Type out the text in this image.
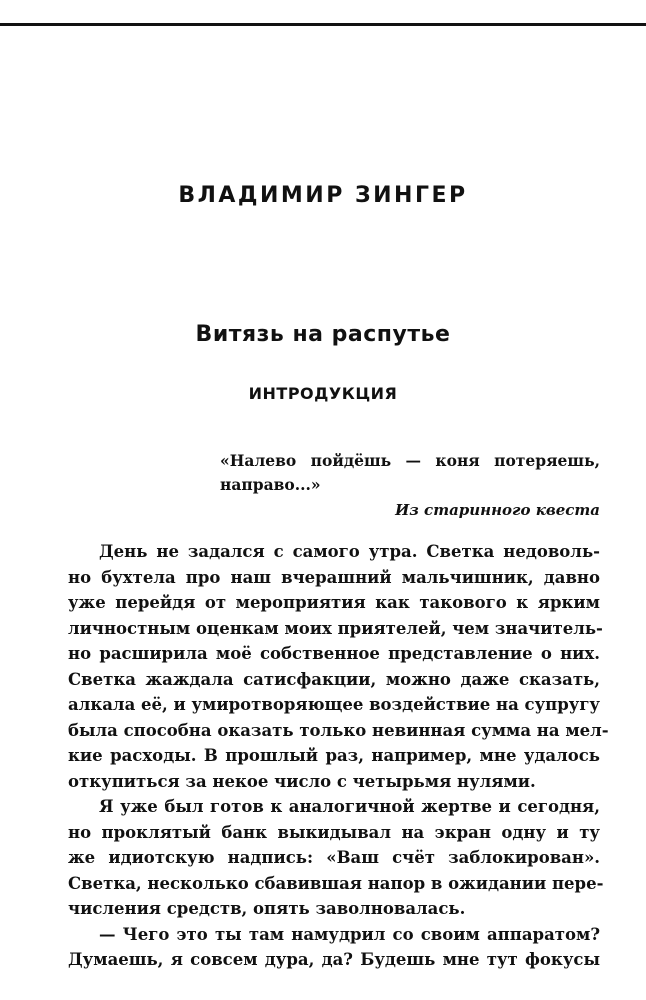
ВЛАДИМИР ЗИНГЕР
Витязь на распутье
ИНТРОДУКЦИЯ

«Налево пойдёшь — коня потеряешь,
направо...»

Из старинного квеста

День не задался с самого утра. Светка недоволь-
но бухтела про наш вчерашний мальчишник, давно
уже перейдя от мероприятия как такового к ярким
личностным оценкам моих приятелей, чем значитель-
но расширила моё собственное представление о них.
Светка жаждала сатисфакции, можно даже сказать,
алкала её, и умиротворяющее воздействие на супругу
была способна оказать только невинная сумма на мел-
кие расходы. В прошлый раз, например, мне удалось
откупиться за некое число с четырьмя нулями.
Я уже был готов к аналогичной жертве и сегодня,
но проклятый банк выкидывал на экран одну и ту
же идиотскую надпись: «Ваш счёт заблокирован».
Светка, несколько сбавившая напор в ожидании пере-
числения средств, опять заволновалась.
— Чего это ты там намудрил со своим аппаратом?
Думаешь, я совсем дура, да? Будешь мне тут фокусы
